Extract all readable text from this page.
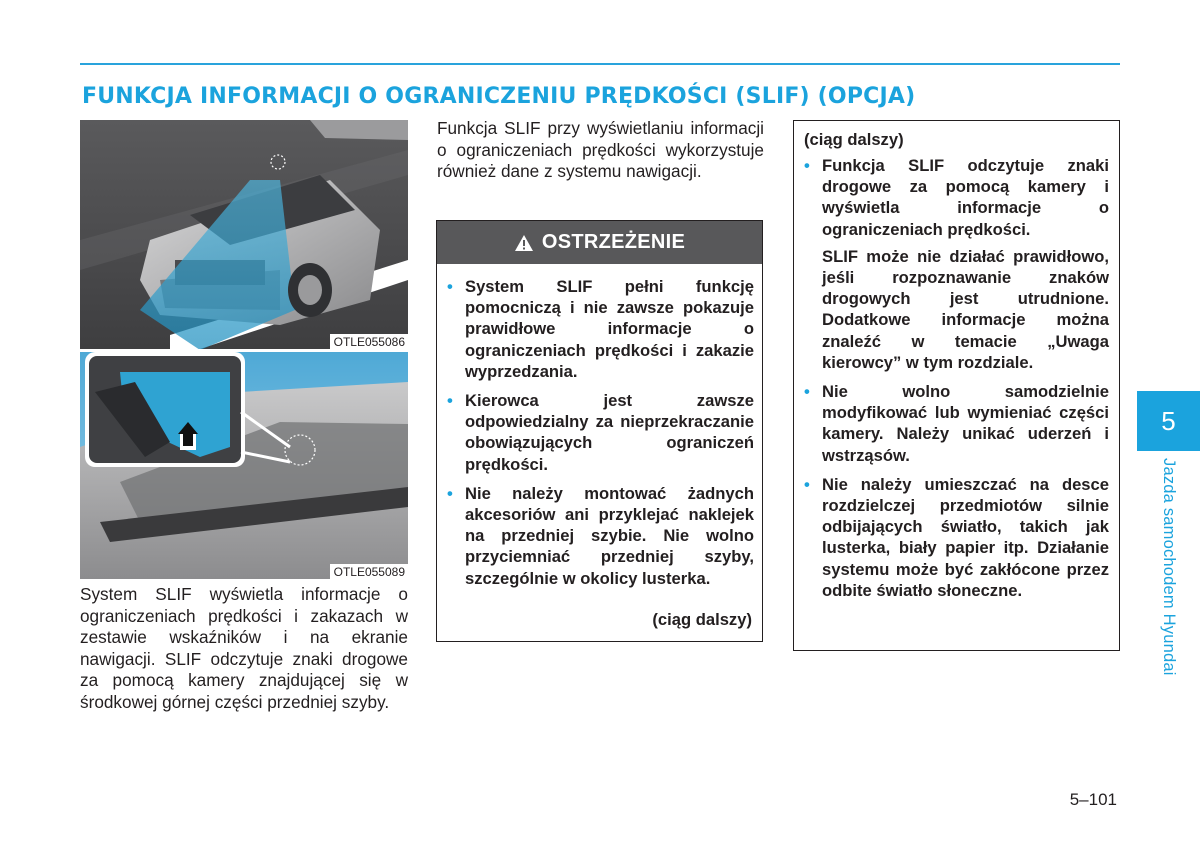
FUNKCJA INFORMACJI O OGRANICZENIU PRĘDKOŚCI (SLIF) (OPCJA)
OTLE055086
OTLE055089

System SLIF wyświetla informacje o ograniczeniach prędkości i zakazach w zestawie wskaźników i na ekranie nawigacji. SLIF odczytuje znaki drogowe za pomocą kamery znajdującej się w środkowej górnej części przedniej szyby.

Funkcja SLIF przy wyświetlaniu informacji o ograniczeniach prędkości wykorzystuje również dane z systemu nawigacji.

OSTRZEŻENIE
• System SLIF pełni funkcję pomocniczą i nie zawsze pokazuje prawidłowe informacje o ograniczeniach prędkości i zakazie wyprzedzania.
• Kierowca jest zawsze odpowiedzialny za nieprzekraczanie obowiązujących ograniczeń prędkości.
• Nie należy montować żadnych akcesoriów ani przyklejać naklejek na przedniej szybie. Nie wolno przyciemniać przedniej szyby, szczególnie w okolicy lusterka.
(ciąg dalszy)

(ciąg dalszy)

• Funkcja SLIF odczytuje znaki drogowe za pomocą kamery i wyświetla informacje o ograniczeniach prędkości.
SLIF może nie działać prawidłowo, jeśli rozpoznawanie znaków drogowych jest utrudnione. Dodatkowe informacje można znaleźć w temacie „Uwaga kierowcy” w tym rozdziale.
• Nie wolno samodzielnie modyfikować lub wymieniać części kamery. Należy unikać uderzeń i wstrząsów.
• Nie należy umieszczać na desce rozdzielczej przedmiotów silnie odbijających światło, takich jak lusterka, biały papier itp. Działanie systemu może być zakłócone przez odbite światło słoneczne.
5
Jazda samochodem Hyundai
5–101
